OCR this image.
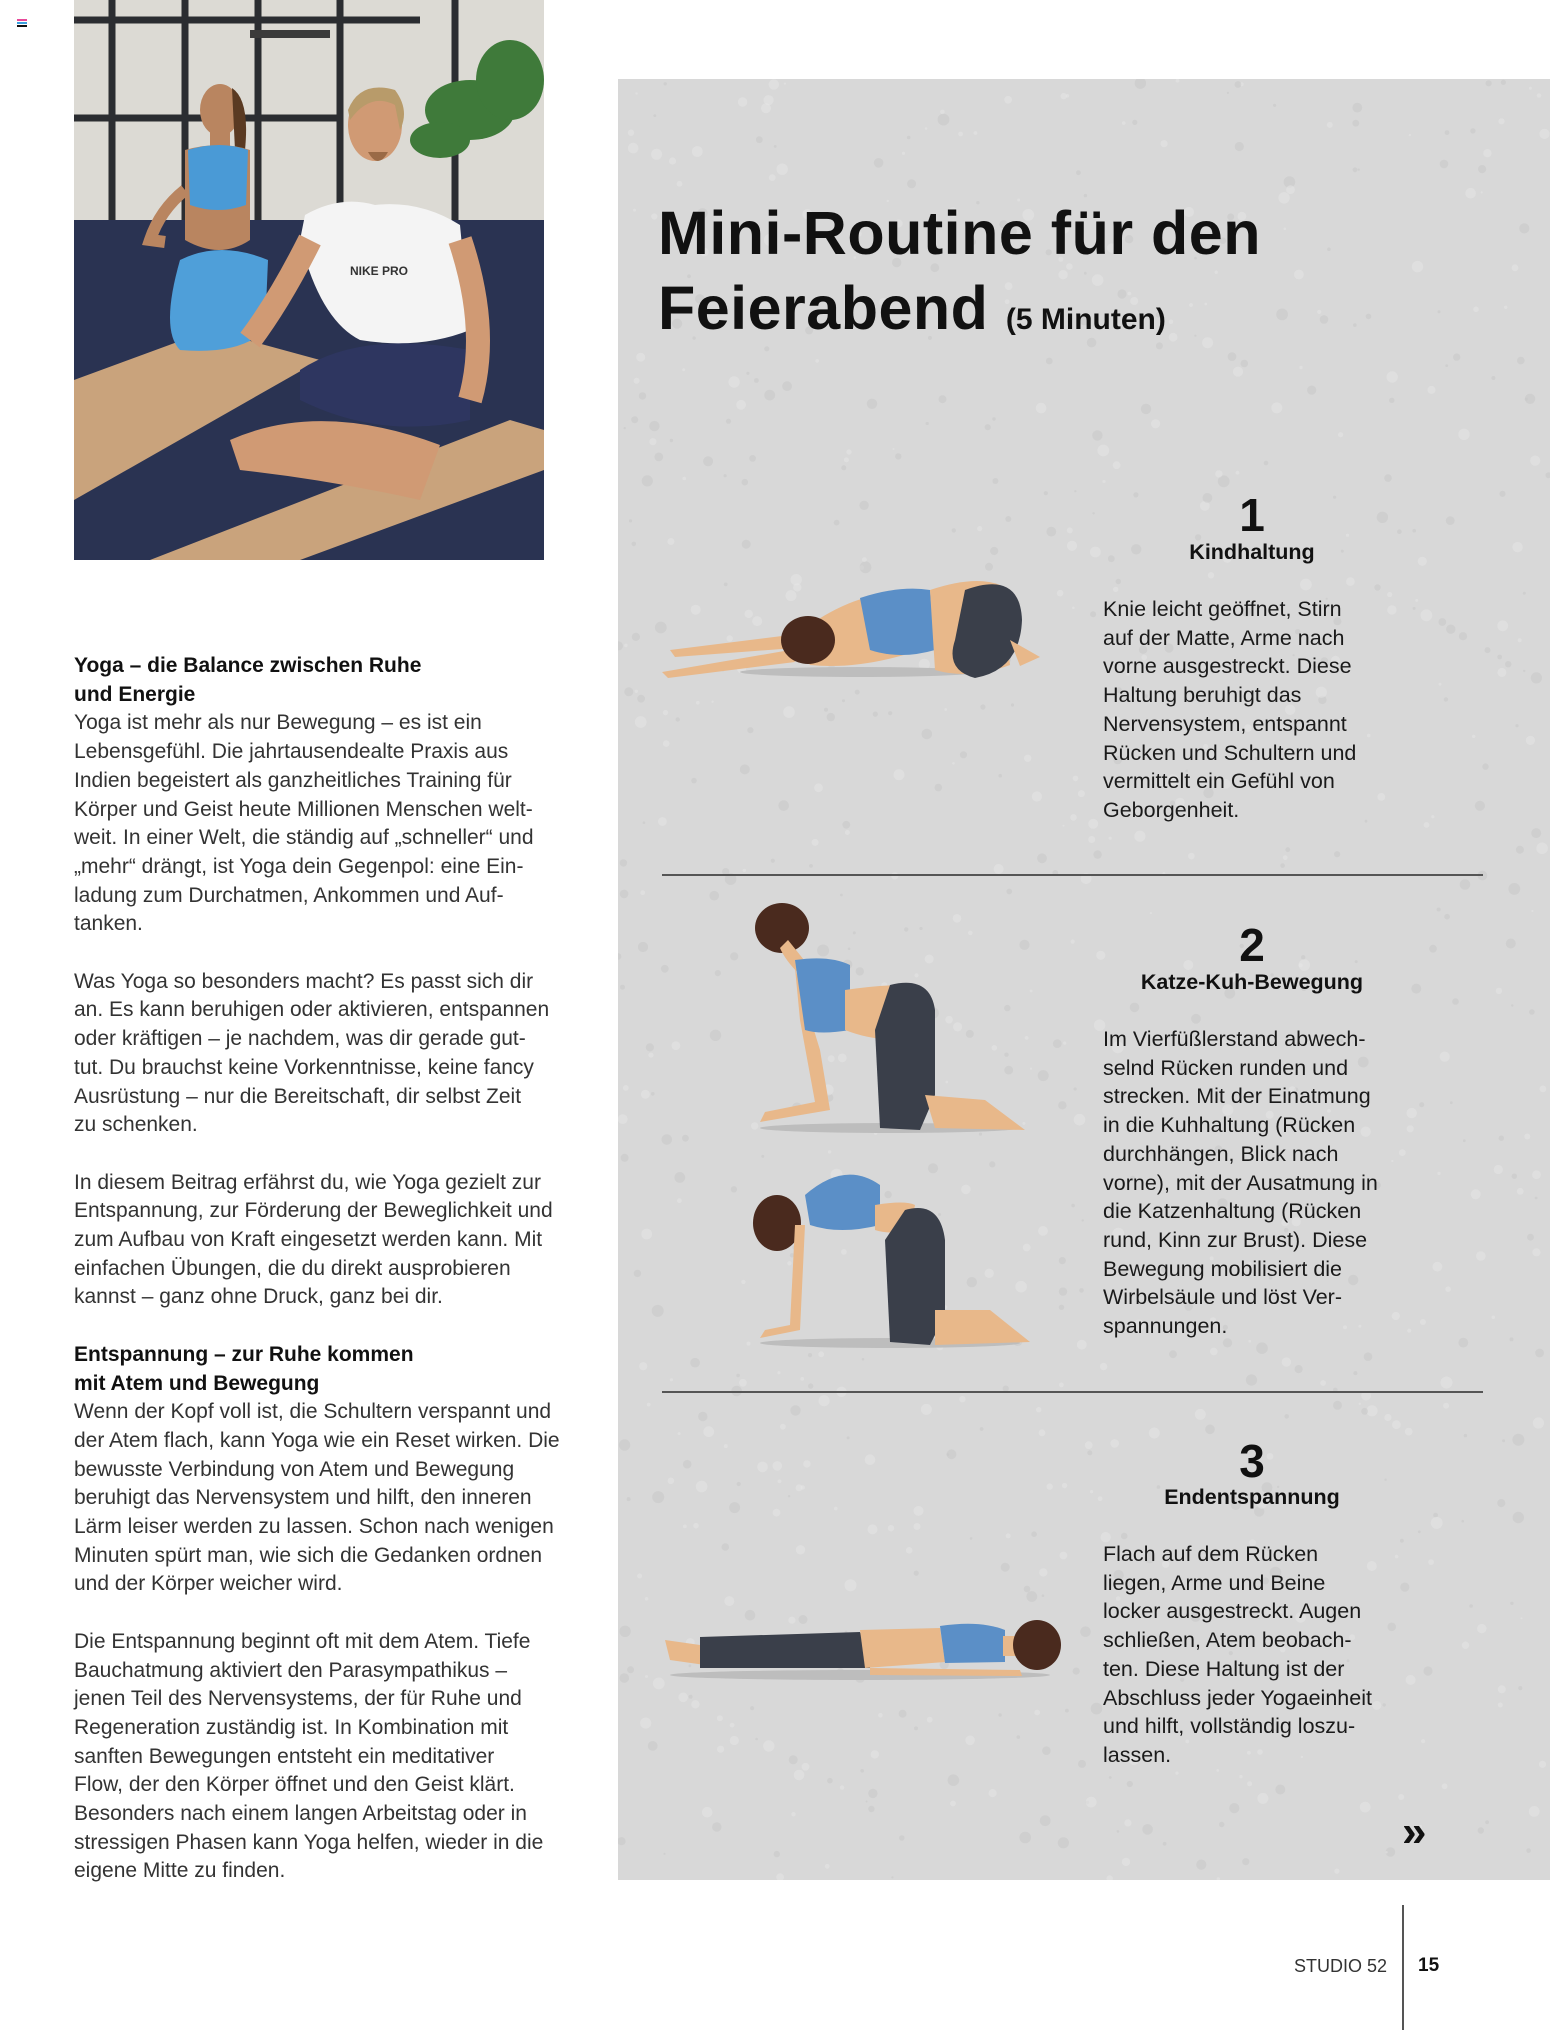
NIKE PRO
Yoga – die Balance zwischen Ruhe
und Energie
Yoga ist mehr als nur Bewegung – es ist ein
Lebensgefühl. Die jahrtausendealte Praxis aus
Indien begeistert als ganzheitliches Training für
Körper und Geist heute Millionen Menschen welt-
weit. In einer Welt, die ständig auf „schneller“ und
„mehr“ drängt, ist Yoga dein Gegenpol: eine Ein-
ladung zum Durchatmen, Ankommen und Auf-
tanken.
Was Yoga so besonders macht? Es passt sich dir
an. Es kann beruhigen oder aktivieren, entspannen
oder kräftigen – je nachdem, was dir gerade gut-
tut. Du brauchst keine Vorkenntnisse, keine fancy
Ausrüstung – nur die Bereitschaft, dir selbst Zeit
zu schenken.
In diesem Beitrag erfährst du, wie Yoga gezielt zur
Entspannung, zur Förderung der Beweglichkeit und
zum Aufbau von Kraft eingesetzt werden kann. Mit
einfachen Übungen, die du direkt ausprobieren
kannst – ganz ohne Druck, ganz bei dir.
Entspannung – zur Ruhe kommen
mit Atem und Bewegung
Wenn der Kopf voll ist, die Schultern verspannt und
der Atem flach, kann Yoga wie ein Reset wirken. Die
bewusste Verbindung von Atem und Bewegung
beruhigt das Nervensystem und hilft, den inneren
Lärm leiser werden zu lassen. Schon nach wenigen
Minuten spürt man, wie sich die Gedanken ordnen
und der Körper weicher wird.
Die Entspannung beginnt oft mit dem Atem. Tiefe
Bauchatmung aktiviert den Parasympathikus –
jenen Teil des Nervensystems, der für Ruhe und
Regeneration zuständig ist. In Kombination mit
sanften Bewegungen entsteht ein meditativer
Flow, der den Körper öffnet und den Geist klärt.
Besonders nach einem langen Arbeitstag oder in
stressigen Phasen kann Yoga helfen, wieder in die
eigene Mitte zu finden.
Mini-Routine für den
Feierabend (5 Minuten)
1
Kindhaltung
Knie leicht geöffnet, Stirn
auf der Matte, Arme nach
vorne ausgestreckt. Diese
Haltung beruhigt das
Nervensystem, entspannt
Rücken und Schultern und
vermittelt ein Gefühl von
Geborgenheit.
2
Katze-Kuh-Bewegung
Im Vierfüßlerstand abwech-
selnd Rücken runden und
strecken. Mit der Einatmung
in die Kuhhaltung (Rücken
durchhängen, Blick nach
vorne), mit der Ausatmung in
die Katzenhaltung (Rücken
rund, Kinn zur Brust). Diese
Bewegung mobilisiert die
Wirbelsäule und löst Ver-
spannungen.
3
Endentspannung
Flach auf dem Rücken
liegen, Arme und Beine
locker ausgestreckt. Augen
schließen, Atem beobach-
ten. Diese Haltung ist der
Abschluss jeder Yogaeinheit
und hilft, vollständig loszu-
lassen.
»
STUDIO 52 15
